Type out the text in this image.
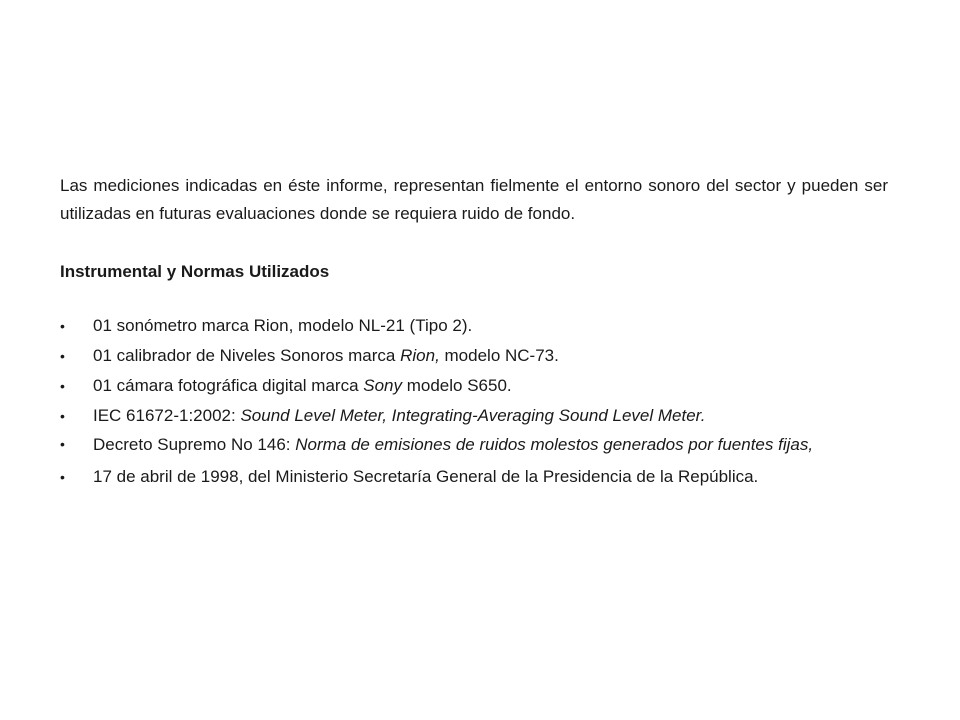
Las mediciones indicadas en éste informe, representan fielmente el entorno sonoro del sector y pueden ser utilizadas en futuras evaluaciones donde se requiera ruido de fondo.

Instrumental y Normas Utilizados

• 01 sonómetro marca Rion, modelo NL-21 (Tipo 2).
• 01 calibrador de Niveles Sonoros marca Rion, modelo NC-73.
• 01 cámara fotográfica digital marca Sony modelo S650.
• IEC 61672-1:2002: Sound Level Meter, Integrating-Averaging Sound Level Meter.
• Decreto Supremo No 146: Norma de emisiones de ruidos molestos generados por fuentes fijas,
• 17 de abril de 1998, del Ministerio Secretaría General de la Presidencia de la República.
